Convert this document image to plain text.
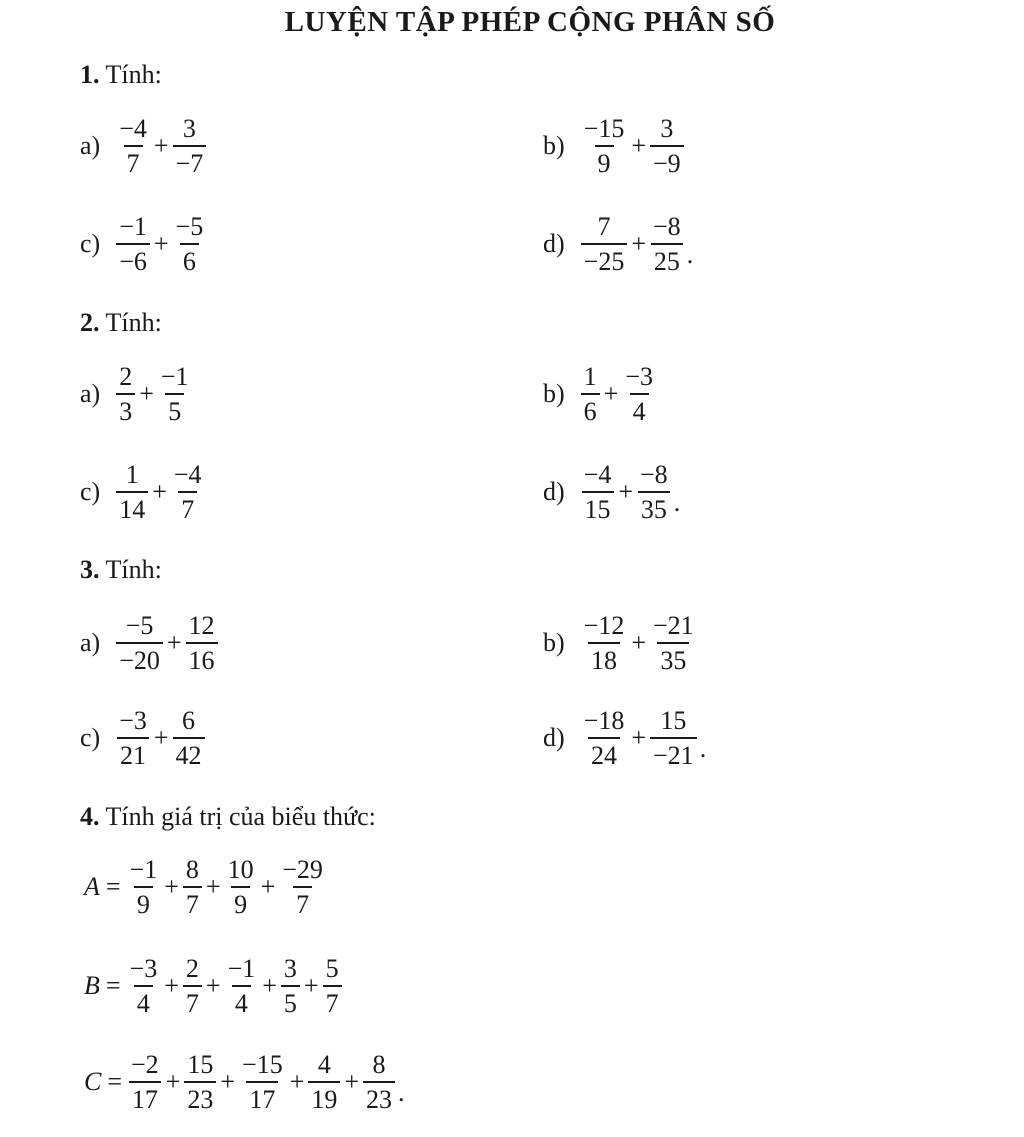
LUYỆN TẬP PHÉP CỘNG PHÂN SỐ
1. Tính:
2. Tính:
3. Tính:
4. Tính giá trị của biểu thức:
$a) \frac{-4}{7} + \frac{3}{-7}$	$b) \frac{-15}{9} + \frac{3}{-9}$
$c) \frac{-1}{-6} + \frac{-5}{6}$	$d) \frac{7}{-25} + \frac{-8}{25}$ .
$a) \frac{2}{3} + \frac{-1}{5}$	$b) \frac{1}{6} + \frac{-3}{4}$
$c) \frac{1}{14} + \frac{-4}{7}$	$d) \frac{-4}{15} + \frac{-8}{35}$ .
$a) \frac{-5}{-20} + \frac{12}{16}$	$b) \frac{-12}{18} + \frac{-21}{35}$
$c) \frac{-3}{21} + \frac{6}{42}$	$d) \frac{-18}{24} + \frac{15}{-21}$ .
$A = \frac{-1}{9} + \frac{8}{7} + \frac{10}{9} + \frac{-29}{7}$
$B = \frac{-3}{4} + \frac{2}{7} + \frac{-1}{4} + \frac{3}{5} + \frac{5}{7}$
$C = \frac{-2}{17} + \frac{15}{23} + \frac{-15}{17} + \frac{4}{19} + \frac{8}{23}$ .
